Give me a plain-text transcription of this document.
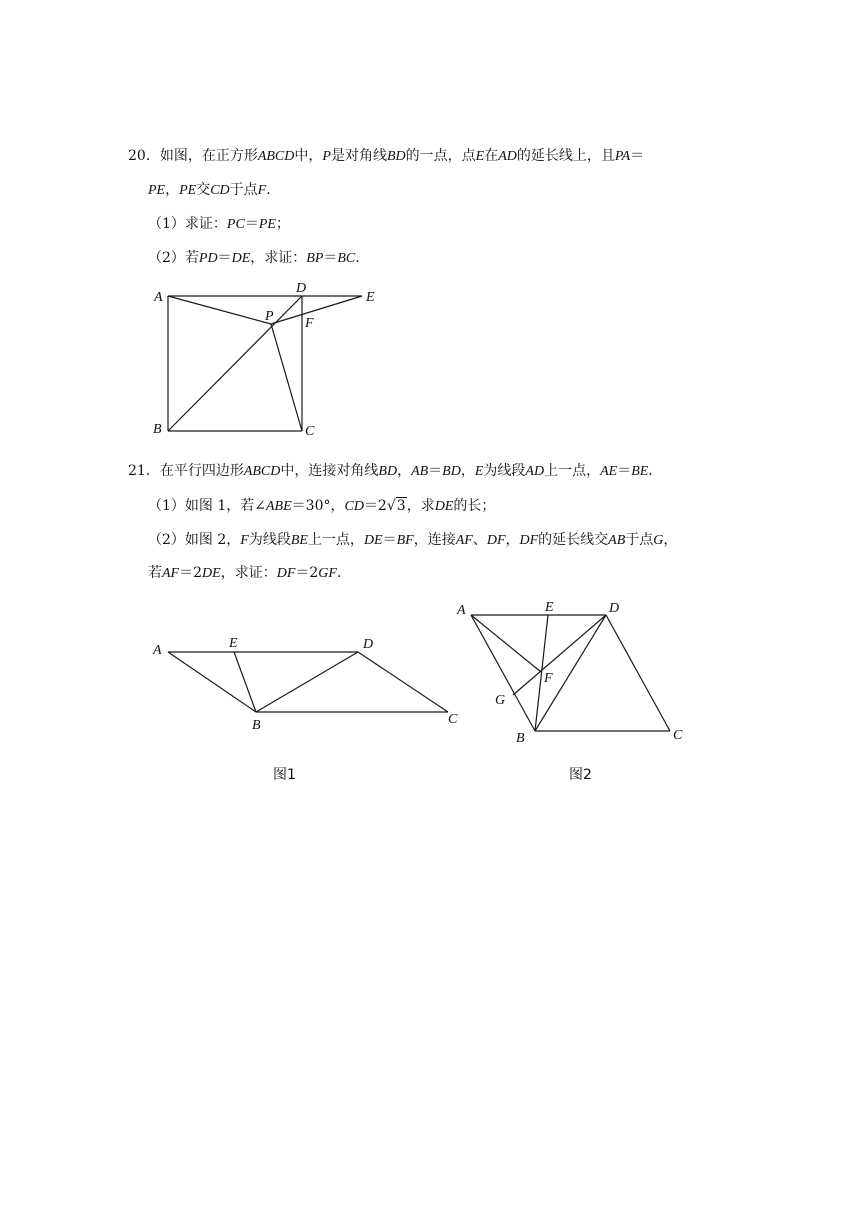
20．如图，在正方形ABCD中，P是对角线BD的一点，点E在AD的延长线上，且PA＝
PE，PE交CD于点F．
（1）求证：PC＝PE；
（2）若PD＝DE，求证：BP＝BC．
A
B	C
D
E
F
P
A	E	D
B	C
A	E	D
F
G
B	C
21．在平行四边形ABCD中，连接对角线BD，AB＝BD，E为线段AD上一点，AE＝BE．
（1）如图 1，若∠ABE＝30°，CD＝2√3，求DE的长；
（2）如图 2，F为线段BE上一点，DE＝BF，连接AF、DF，DF的延长线交AB于点G，
若AF＝2DE，求证：DF＝2GF．
图1	图2
